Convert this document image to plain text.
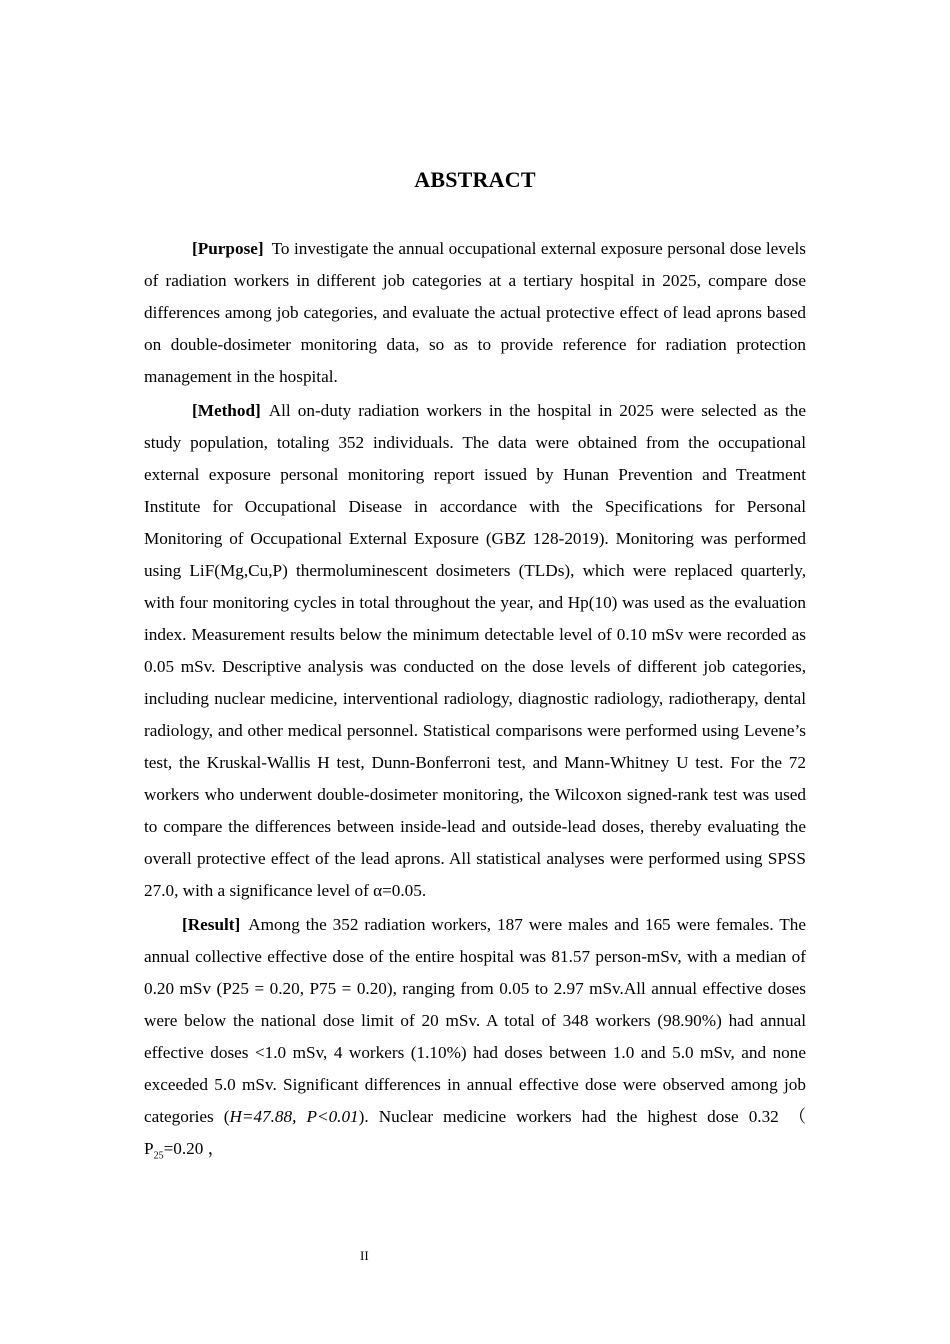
ABSTRACT

[Purpose] To investigate the annual occupational external exposure personal dose levels of radiation workers in different job categories at a tertiary hospital in 2025, compare dose differences among job categories, and evaluate the actual protective effect of lead aprons based on double-dosimeter monitoring data, so as to provide reference for radiation protection management in the hospital.

[Method] All on-duty radiation workers in the hospital in 2025 were selected as the study population, totaling 352 individuals. The data were obtained from the occupational external exposure personal monitoring report issued by Hunan Prevention and Treatment Institute for Occupational Disease in accordance with the Specifications for Personal Monitoring of Occupational External Exposure (GBZ 128-2019). Monitoring was performed using LiF(Mg,Cu,P) thermoluminescent dosimeters (TLDs), which were replaced quarterly, with four monitoring cycles in total throughout the year, and Hp(10) was used as the evaluation index. Measurement results below the minimum detectable level of 0.10 mSv were recorded as 0.05 mSv. Descriptive analysis was conducted on the dose levels of different job categories, including nuclear medicine, interventional radiology, diagnostic radiology, radiotherapy, dental radiology, and other medical personnel. Statistical comparisons were performed using Levene’s test, the Kruskal-Wallis H test, Dunn-Bonferroni test, and Mann-Whitney U test. For the 72 workers who underwent double-dosimeter monitoring, the Wilcoxon signed-rank test was used to compare the differences between inside-lead and outside-lead doses, thereby evaluating the overall protective effect of the lead aprons. All statistical analyses were performed using SPSS 27.0, with a significance level of α=0.05.

[Result] Among the 352 radiation workers, 187 were males and 165 were females. The annual collective effective dose of the entire hospital was 81.57 person-mSv, with a median of 0.20 mSv (P25 = 0.20, P75 = 0.20), ranging from 0.05 to 2.97 mSv.All annual effective doses were below the national dose limit of 20 mSv. A total of 348 workers (98.90%) had annual effective doses <1.0 mSv, 4 workers (1.10%) had doses between 1.0 and 5.0 mSv, and none exceeded 5.0 mSv. Significant differences in annual effective dose were observed among job categories (H=47.88, P<0.01). Nuclear medicine workers had the highest dose 0.32 （ $P_{25}=0.20$ ，

II
